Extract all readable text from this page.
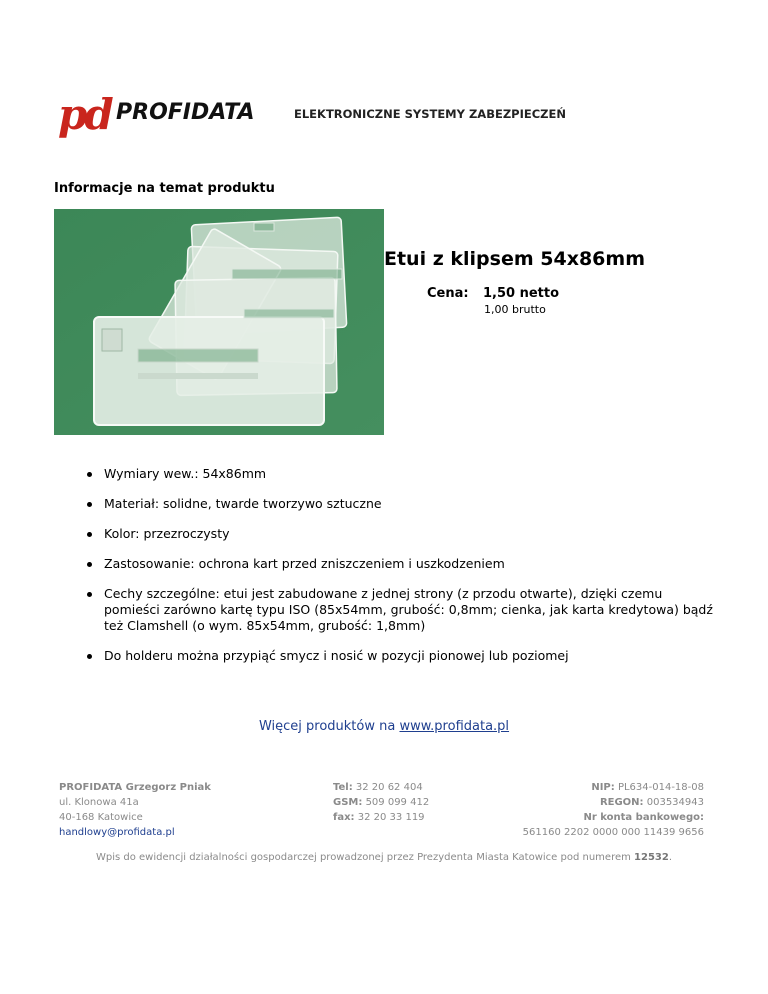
pd PROFIDATA	ELEKTRONICZNE SYSTEMY ZABEZPIECZEŃ
Informacje na temat produktu
Etui z klipsem 54x86mm
Cena: 1,50 netto
1,00 brutto
Wymiary wew.: 54x86mm
Materiał: solidne, twarde tworzywo sztuczne
Kolor: przezroczysty
Zastosowanie: ochrona kart przed zniszczeniem i uszkodzeniem
Cechy szczególne: etui jest zabudowane z jednej strony (z przodu otwarte), dzięki czemu pomieści zarówno kartę typu ISO (85x54mm, grubość: 0,8mm; cienka, jak karta kredytowa) bądź też Clamshell (o wym. 85x54mm, grubość: 1,8mm)
Do holderu można przypiąć smycz i nosić w pozycji pionowej lub poziomej
Więcej produktów na www.profidata.pl
PROFIDATA Grzegorz Pniak
ul. Klonowa 41a
40-168 Katowice
handlowy@profidata.pl
Tel: 32 20 62 404
GSM: 509 099 412
fax: 32 20 33 119
NIP: PL634-014-18-08
REGON: 003534943
Nr konta bankowego:
561160 2202 0000 000 11439 9656
Wpis do ewidencji działalności gospodarczej prowadzonej przez Prezydenta Miasta Katowice pod numerem 12532.
